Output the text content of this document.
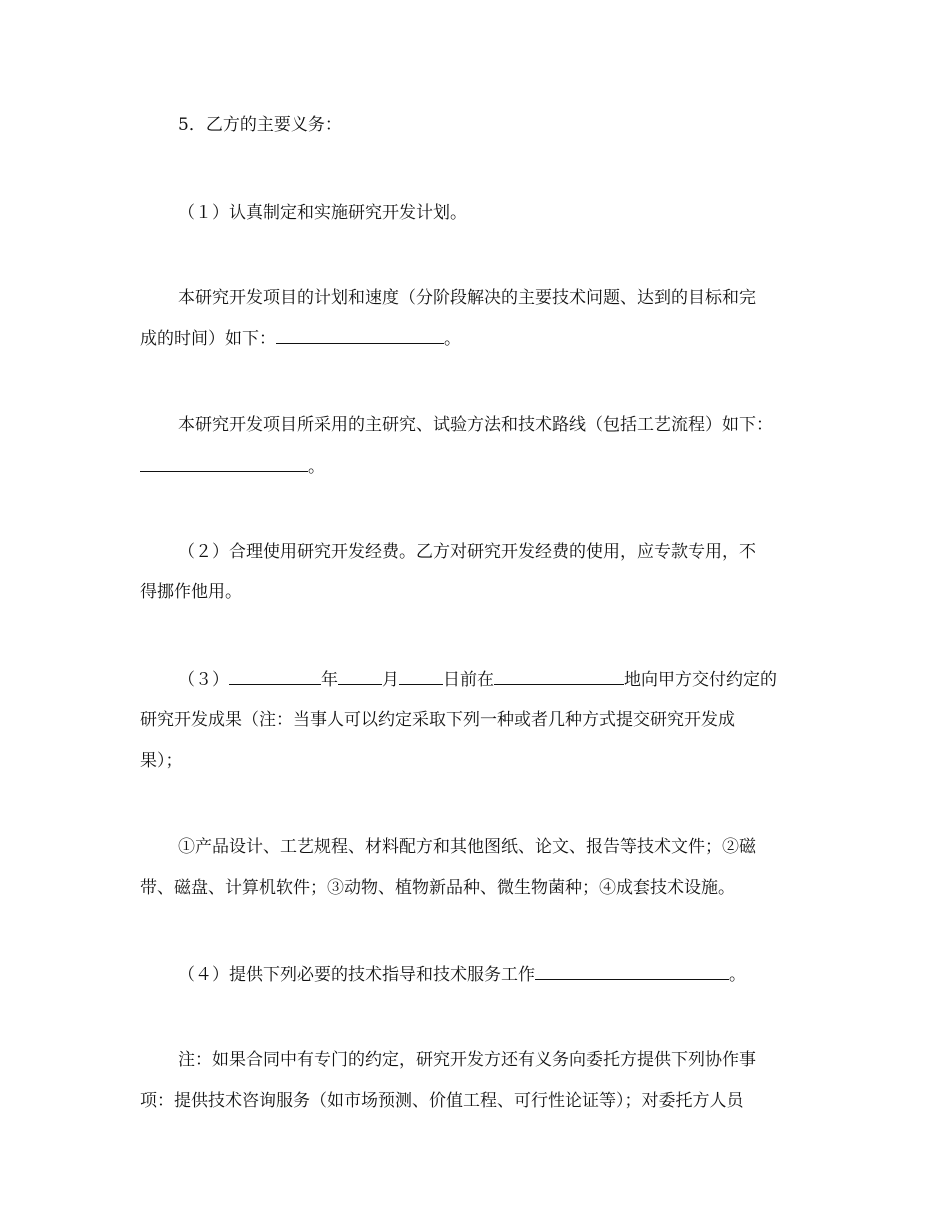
5．乙方的主要义务：
（１）认真制定和实施研究开发计划。
本研究开发项目的计划和速度（分阶段解决的主要技术问题、达到的目标和完
成的时间）如下：	。
本研究开发项目所采用的主研究、试验方法和技术路线（包括工艺流程）如下：
。
（２）合理使用研究开发经费。乙方对研究开发经费的使用，应专款专用，不
得挪作他用。
（３）	年	月	日前在	地向甲方交付约定的
研究开发成果（注：当事人可以约定采取下列一种或者几种方式提交研究开发成
果）；
①产品设计、工艺规程、材料配方和其他图纸、论文、报告等技术文件；②磁
带、磁盘、计算机软件；③动物、植物新品种、微生物菌种；④成套技术设施。
（４）提供下列必要的技术指导和技术服务工作	。
注：如果合同中有专门的约定，研究开发方还有义务向委托方提供下列协作事
项：提供技术咨询服务（如市场预测、价值工程、可行性论证等）；对委托方人员
